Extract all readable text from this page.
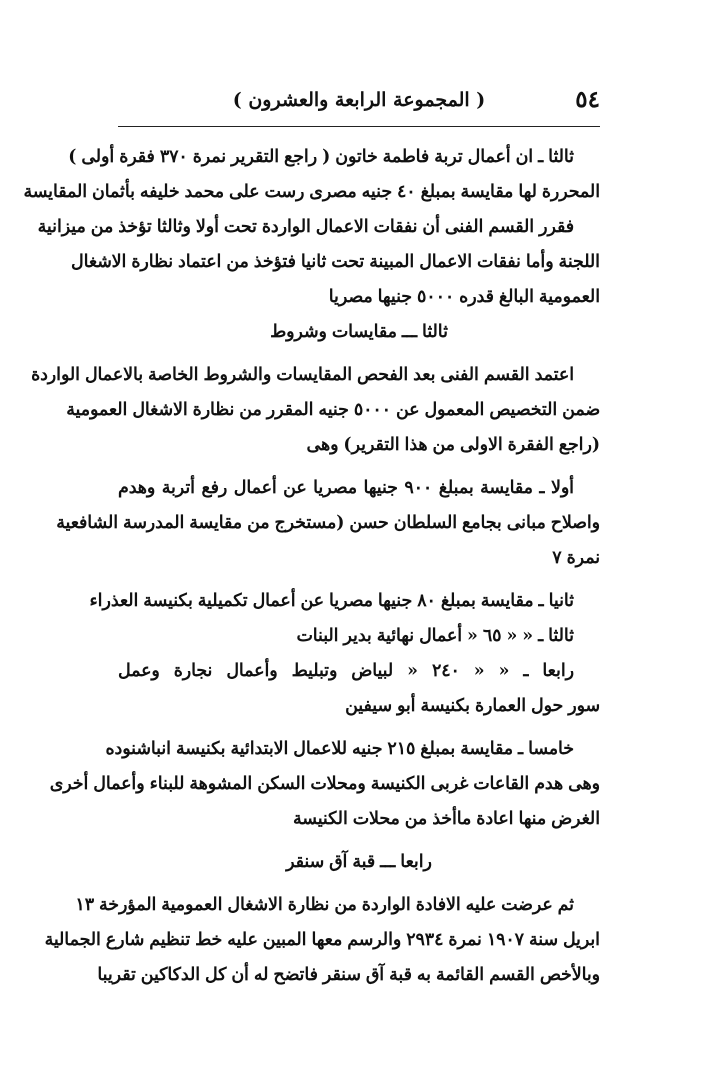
٥٤
( المجموعة الرابعة والعشرون )
ثالثا ـ ان أعمال تربة فاطمة خاتون ( راجع التقرير نمرة ٣٧٠ فقرة أولى )
المحررة لها مقايسة بمبلغ ٤٠ جنيه مصرى رست على محمد خليفه بأثمان المقايسة
فقرر القسم الفنى أن نفقات الاعمال الواردة تحت أولا وثالثا تؤخذ من ميزانية
اللجنة وأما نفقات الاعمال المبينة تحت ثانيا فتؤخذ من اعتماد نظارة الاشغال
العمومية البالغ قدره ٥٠٠٠ جنيها مصريا
ثالثا ـــ مقايسات وشروط
اعتمد القسم الفنى بعد الفحص المقايسات والشروط الخاصة بالاعمال الواردة
ضمن التخصيص المعمول عن ٥٠٠٠ جنيه المقرر من نظارة الاشغال العمومية
(راجع الفقرة الاولى من هذا التقرير) وهى
أولا ـ مقايسة بمبلغ ٩٠٠ جنيها مصريا عن أعمال رفع أتربة وهدم
واصلاح مبانى بجامع السلطان حسن (مستخرج من مقايسة المدرسة الشافعية
نمرة ٧
ثانيا ـ مقايسة بمبلغ ٨٠ جنيها مصريا عن أعمال تكميلية بكنيسة العذراء
ثالثا ـ « « ٦٥ « أعمال نهائية بدير البنات
رابعا ـ « « ٢٤٠ « لبياض وتبليط وأعمال نجارة وعمل
سور حول العمارة بكنيسة أبو سيفين
خامسا ـ مقايسة بمبلغ ٢١٥ جنيه للاعمال الابتدائية بكنيسة انباشنوده
وهى هدم القاعات غربى الكنيسة ومحلات السكن المشوهة للبناء وأعمال أخرى
الغرض منها اعادة ماأخذ من محلات الكنيسة
رابعا ـــ قبة آق سنقر
ثم عرضت عليه الافادة الواردة من نظارة الاشغال العمومية المؤرخة ١٣
ابريل سنة ١٩٠٧ نمرة ٢٩٣٤ والرسم معها المبين عليه خط تنظيم شارع الجمالية
وبالأخص القسم القائمة به قبة آق سنقر فاتضح له أن كل الدكاكين تقريبا
